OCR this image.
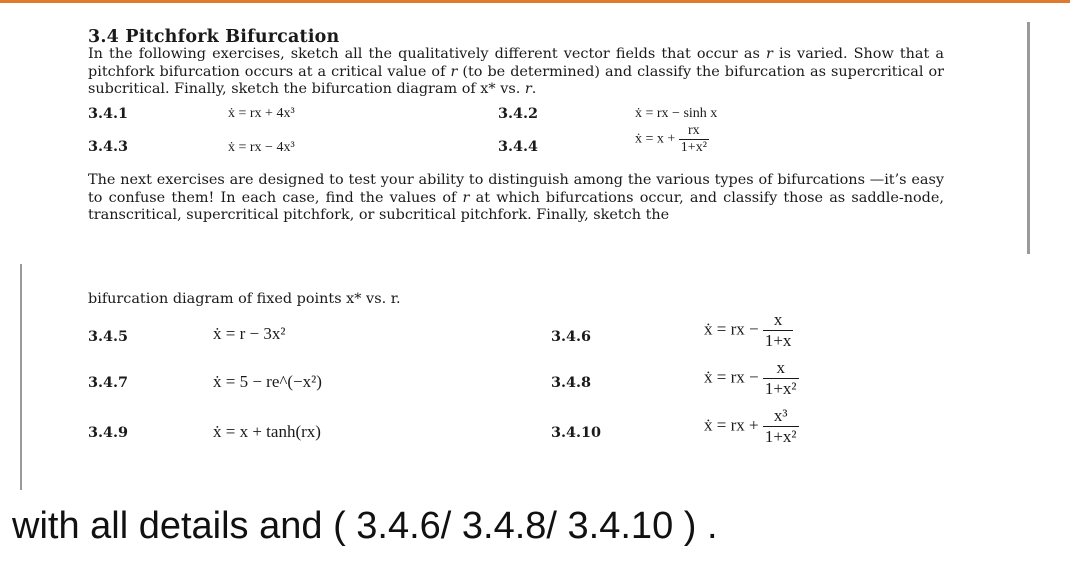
3.4 Pitchfork Bifurcation
In the following exercises, sketch all the qualitatively different vector fields that occur as r is varied. Show that a pitchfork bifurcation occurs at a critical value of r (to be determined) and classify the bifurcation as supercritical or subcritical. Finally, sketch the bifurcation diagram of x* vs. r.
3.4.1	ẋ = rx + 4x³	3.4.2	ẋ = rx − sinh x
3.4.3	ẋ = rx − 4x³	3.4.4	ẋ = $x + \frac{rx}{\text{1+x²}}$
The next exercises are designed to test your ability to distinguish among the various types of bifurcations —it’s easy to confuse them! In each case, find the values of r at which bifurcations occur, and classify those as saddle-node, transcritical, supercritical pitchfork, or subcritical pitchfork. Finally, sketch the
bifurcation diagram of fixed points x* vs. r.
3.4.5	ẋ = r − 3x²	3.4.6	ẋ = rx − $\frac{x}{1+x}$
3.4.7	ẋ = 5 − re^(−x²)	3.4.8	ẋ = rx − $\frac{x}{\text{1+x²}}$
3.4.9	ẋ = x + tanh(rx)	3.4.10	ẋ = rx + $\frac{\text{x³}}{\text{1+x²}}$
with all details and ( 3.4.6/ 3.4.8/ 3.4.10 ) .
